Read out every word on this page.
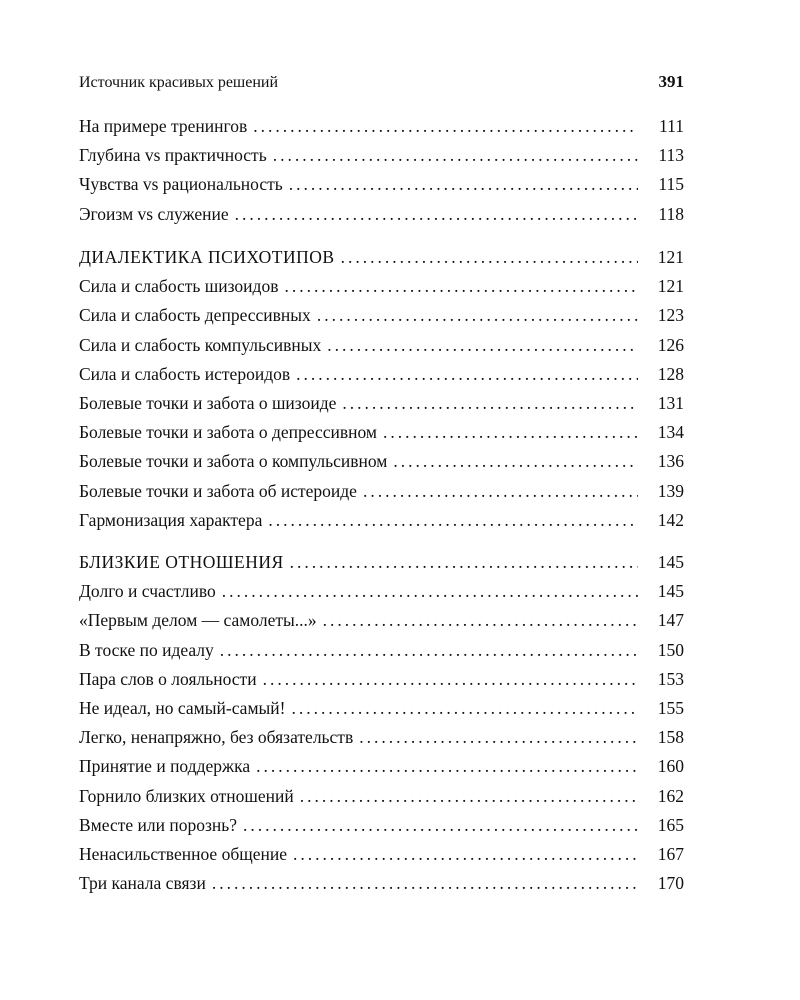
Источник красивых решений	391
На примере тренингов .....	111
Глубина vs практичность .....	113
Чувства vs рациональность .....	115
Эгоизм vs служение .....	118
ДИАЛЕКТИКА ПСИХОТИПОВ .....	121
Сила и слабость шизоидов .....	121
Сила и слабость депрессивных .....	123
Сила и слабость компульсивных .....	126
Сила и слабость истероидов .....	128
Болевые точки и забота о шизоиде .....	131
Болевые точки и забота о депрессивном .....	134
Болевые точки и забота о компульсивном .....	136
Болевые точки и забота об истероиде .....	139
Гармонизация характера .....	142
БЛИЗКИЕ ОТНОШЕНИЯ .....	145
Долго и счастливо .....	145
«Первым делом — самолеты...» .....	147
В тоске по идеалу .....	150
Пара слов о лояльности .....	153
Не идеал, но самый-самый! .....	155
Легко, ненапряжно, без обязательств .....	158
Принятие и поддержка .....	160
Горнило близких отношений .....	162
Вместе или порознь? .....	165
Ненасильственное общение .....	167
Три канала связи .....	170
